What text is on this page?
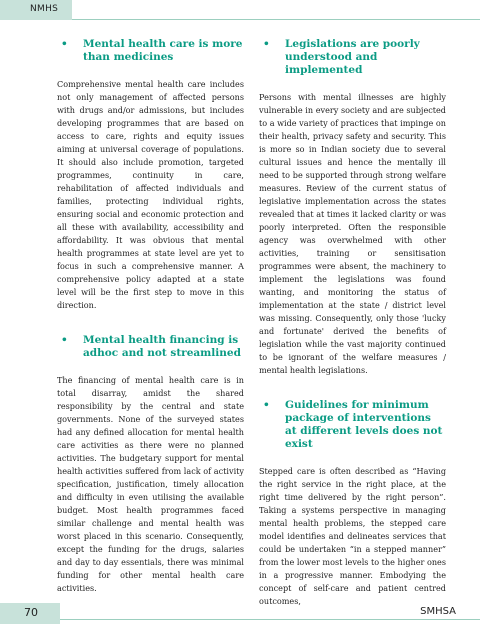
NMHS
•	Mental health care is more than medicines

Comprehensive mental health care includes not only management of affected persons with drugs and/or admissions, but includes developing programmes that are based on access to care, rights and equity issues aiming at universal coverage of populations. It should also include promotion, targeted programmes, continuity in care, rehabilitation of affected individuals and families, protecting individual rights, ensuring social and economic protection and all these with availability, accessibility and affordability. It was obvious that mental health programmes at state level are yet to focus in such a comprehensive manner. A comprehensive policy adapted at a state level will be the first step to move in this direction.

•	Mental health financing is adhoc and not streamlined

The financing of mental health care is in total disarray, amidst the shared responsibility by the central and state governments. None of the surveyed states had any defined allocation for mental health care activities as there were no planned activities. The budgetary support for mental health activities suffered from lack of activity specification, justification, timely allocation and difficulty in even utilising the available budget. Most health programmes faced similar challenge and mental health was worst placed in this scenario. Consequently, except the funding for the drugs, salaries and day to day essentials, there was minimal funding for other mental health care activities.

•	Legislations are poorly understood and implemented

Persons with mental illnesses are highly vulnerable in every society and are subjected to a wide variety of practices that impinge on their health, privacy safety and security. This is more so in Indian society due to several cultural issues and hence the mentally ill need to be supported through strong welfare measures. Review of the current status of legislative implementation across the states revealed that at times it lacked clarity or was poorly interpreted. Often the responsible agency was overwhelmed with other activities, training or sensitisation programmes were absent, the machinery to implement the legislations was found wanting, and monitoring the status of implementation at the state / district level was missing. Consequently, only those 'lucky and fortunate' derived the benefits of legislation while the vast majority continued to be ignorant of the welfare measures / mental health legislations.

•	Guidelines for minimum package of interventions at different levels does not exist

Stepped care is often described as “Having the right service in the right place, at the right time delivered by the right person”. Taking a systems perspective in managing mental health problems, the stepped care model identifies and delineates services that could be undertaken “in a stepped manner” from the lower most levels to the higher ones in a progressive manner. Embodying the concept of self-care and patient centred outcomes,

70	SMHSA
